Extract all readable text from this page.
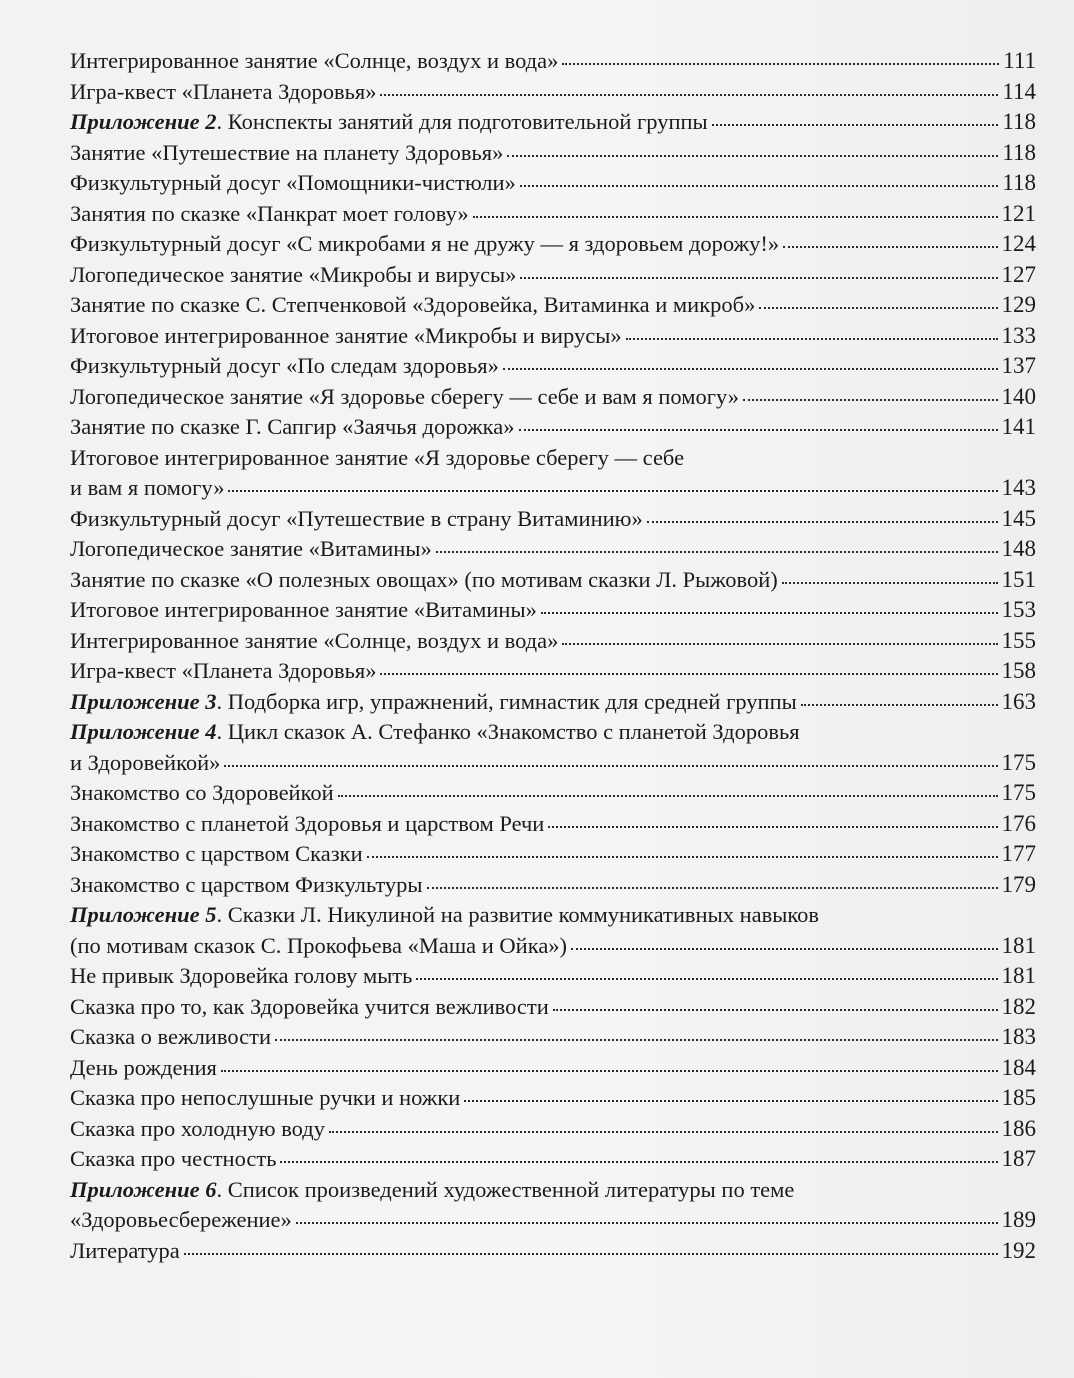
Интегрированное занятие «Солнце, воздух и вода»	111
Игра-квест «Планета Здоровья»	114
Приложение 2. Конспекты занятий для подготовительной группы	118
Занятие «Путешествие на планету Здоровья»	118
Физкультурный досуг «Помощники-чистюли»	118
Занятия по сказке «Панкрат моет голову»	121
Физкультурный досуг «С микробами я не дружу — я здоровьем дорожу!»	124
Логопедическое занятие «Микробы и вирусы»	127
Занятие по сказке С. Степченковой «Здоровейка, Витаминка и микроб»	129
Итоговое интегрированное занятие «Микробы и вирусы»	133
Физкультурный досуг «По следам здоровья»	137
Логопедическое занятие «Я здоровье сберегу — себе и вам я помогу»	140
Занятие по сказке Г. Сапгир «Заячья дорожка»	141
Итоговое интегрированное занятие «Я здоровье сберегу — себе
и вам я помогу»	143
Физкультурный досуг «Путешествие в страну Витаминию»	145
Логопедическое занятие «Витамины»	148
Занятие по сказке «О полезных овощах» (по мотивам сказки Л. Рыжовой)	151
Итоговое интегрированное занятие «Витамины»	153
Интегрированное занятие «Солнце, воздух и вода»	155
Игра-квест «Планета Здоровья»	158
Приложение 3. Подборка игр, упражнений, гимнастик для средней группы	163
Приложение 4. Цикл сказок А. Стефанко «Знакомство с планетой Здоровья
и Здоровейкой»	175
Знакомство со Здоровейкой	175
Знакомство с планетой Здоровья и царством Речи	176
Знакомство с царством Сказки	177
Знакомство с царством Физкультуры	179
Приложение 5. Сказки Л. Никулиной на развитие коммуникативных навыков
(по мотивам сказок С. Прокофьева «Маша и Ойка»)	181
Не привык Здоровейка голову мыть	181
Сказка про то, как Здоровейка учится вежливости	182
Сказка о вежливости	183
День рождения	184
Сказка про непослушные ручки и ножки	185
Сказка про холодную воду	186
Сказка про честность	187
Приложение 6. Список произведений художественной литературы по теме
«Здоровьесбережение»	189
Литература	192
